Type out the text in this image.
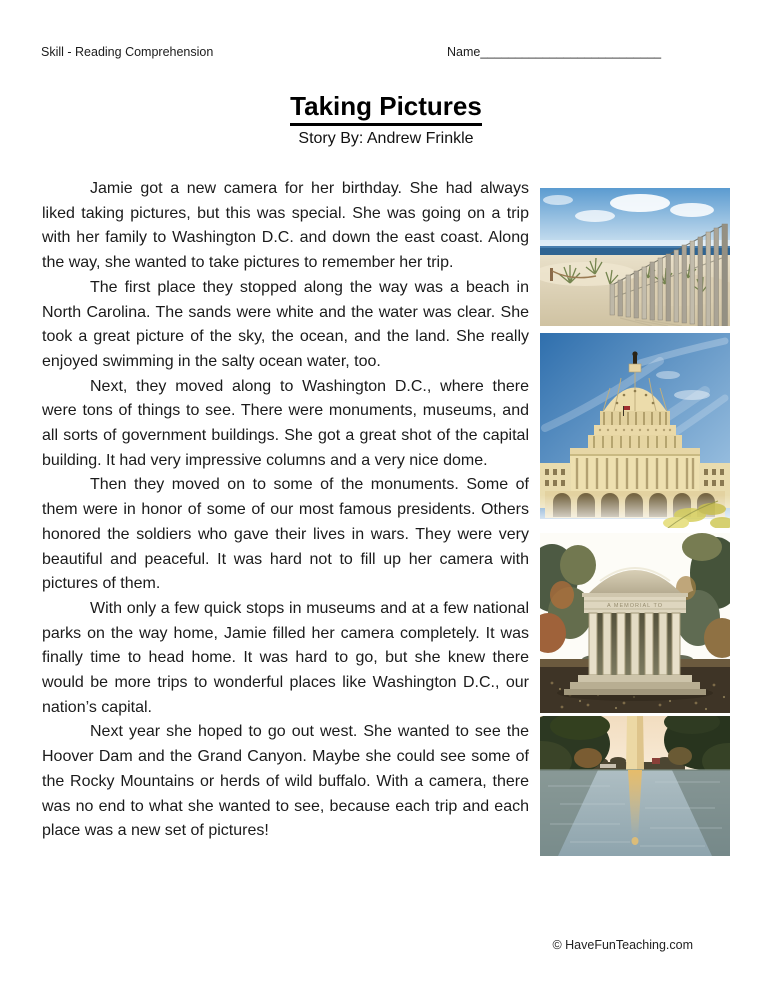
Skill - Reading Comprehension	Name__________________________
Taking Pictures
Story By: Andrew Frinkle

Jamie got a new camera for her birthday. She had always liked taking pictures, but this was special. She was going on a trip with her family to Washington D.C. and down the east coast. Along the way, she wanted to take pictures to remember her trip.

The first place they stopped along the way was a beach in North Carolina. The sands were white and the water was clear. She took a great picture of the sky, the ocean, and the land. She really enjoyed swimming in the salty ocean water, too.

Next, they moved along to Washington D.C., where there were tons of things to see. There were monuments, museums, and all sorts of government buildings. She got a great shot of the capital building. It had very impressive columns and a very nice dome.

Then they moved on to some of the monuments. Some of them were in honor of some of our most famous presidents. Others honored the soldiers who gave their lives in wars. They were very beautiful and peaceful. It was hard not to fill up her camera with pictures of them.

With only a few quick stops in museums and at a few national parks on the way home, Jamie filled her camera completely. It was finally time to head home. It was hard to go, but she knew there would be more trips to wonderful places like Washington D.C., our nation’s capital.

Next year she hoped to go out west. She wanted to see the Hoover Dam and the Grand Canyon. Maybe she could see some of the Rocky Mountains or herds of wild buffalo. With a camera, there was no end to what she wanted to see, because each trip and each place was a new set of pictures!

A MEMORIAL TO
© HaveFunTeaching.com
